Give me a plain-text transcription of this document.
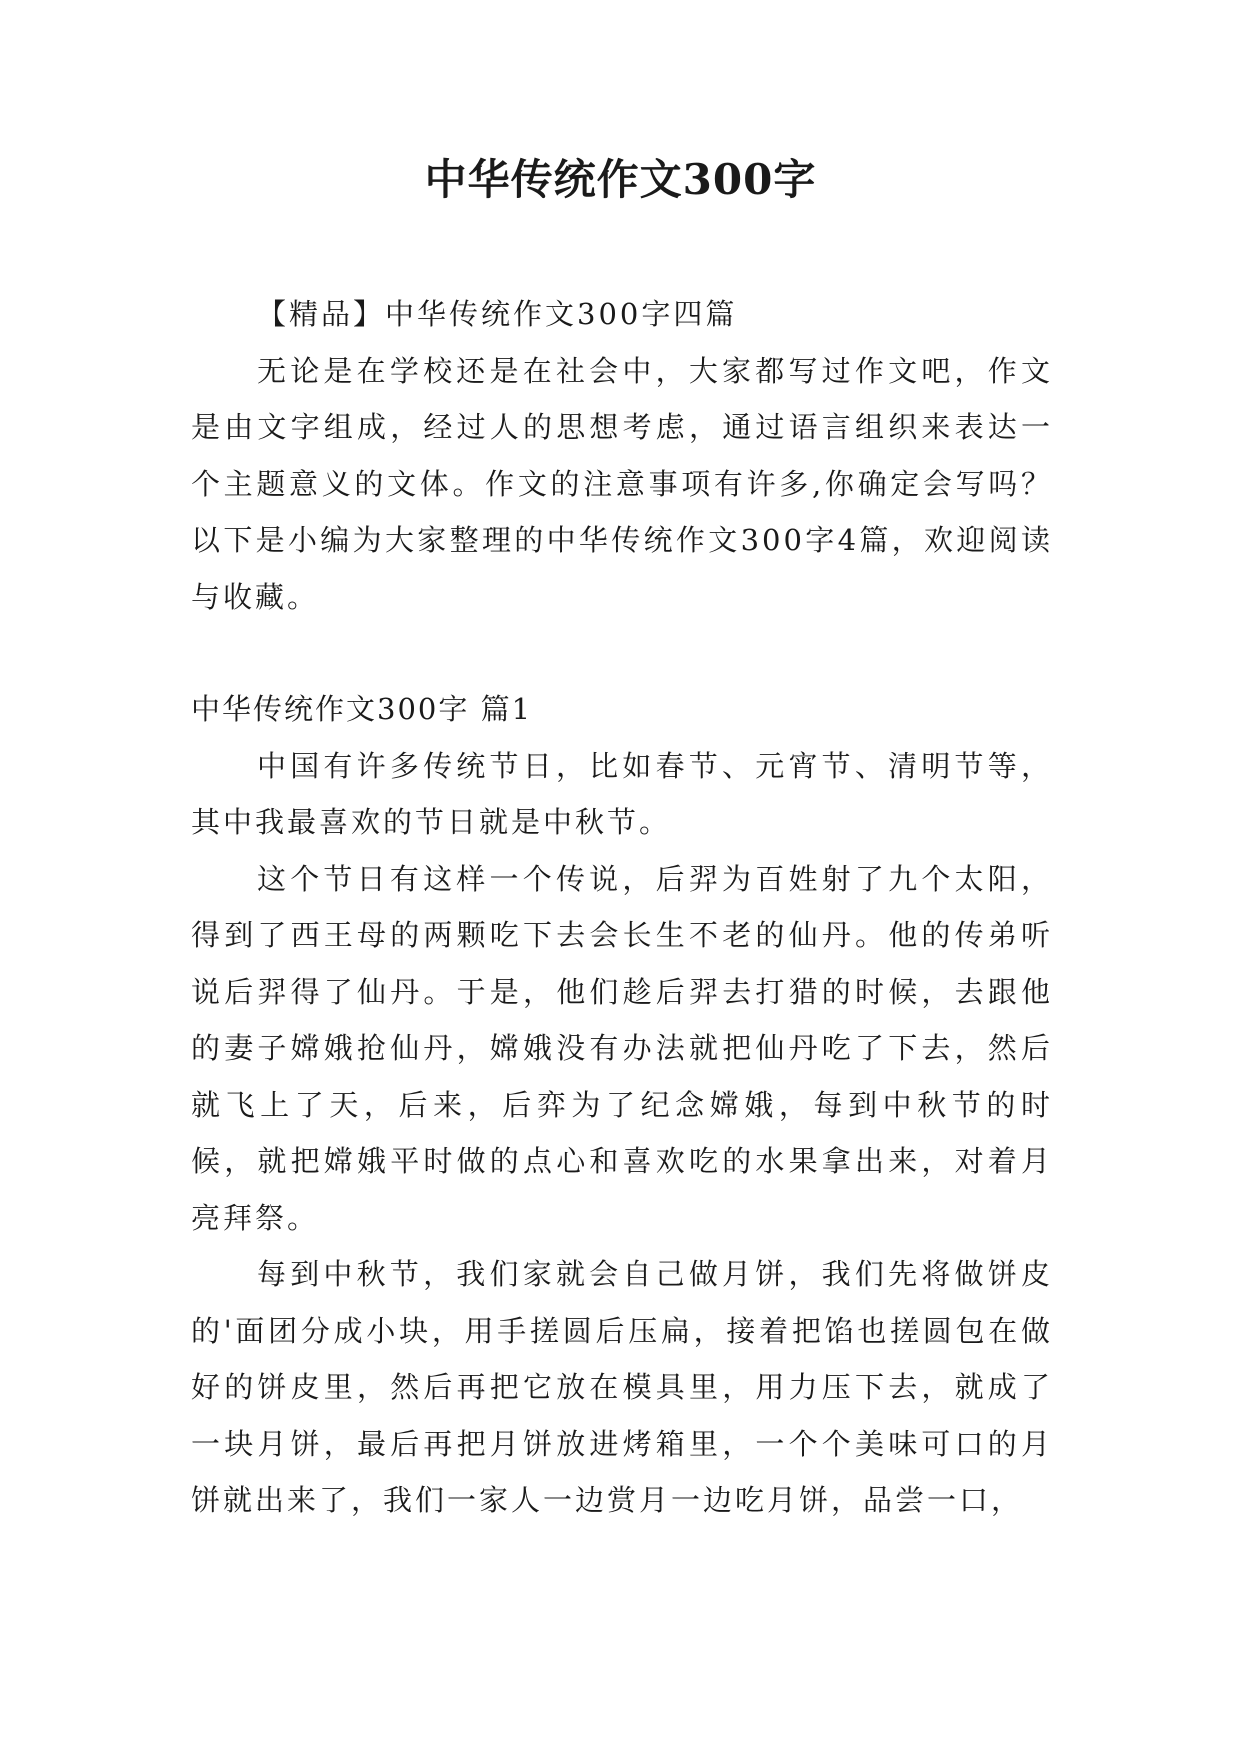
中华传统作文300字

【精品】中华传统作文300字四篇

无论是在学校还是在社会中，大家都写过作文吧，作文是由文字组成，经过人的思想考虑，通过语言组织来表达一个主题意义的文体。作文的注意事项有许多,你确定会写吗？以下是小编为大家整理的中华传统作文300字4篇，欢迎阅读与收藏。

中华传统作文300字 篇1

中国有许多传统节日，比如春节、元宵节、清明节等，其中我最喜欢的节日就是中秋节。

这个节日有这样一个传说，后羿为百姓射了九个太阳，得到了西王母的两颗吃下去会长生不老的仙丹。他的传弟听说后羿得了仙丹。于是，他们趁后羿去打猎的时候，去跟他的妻子嫦娥抢仙丹，嫦娥没有办法就把仙丹吃了下去，然后就飞上了天，后来，后弈为了纪念嫦娥，每到中秋节的时候，就把嫦娥平时做的点心和喜欢吃的水果拿出来，对着月亮拜祭。

每到中秋节，我们家就会自己做月饼，我们先将做饼皮的'面团分成小块，用手搓圆后压扁，接着把馅也搓圆包在做好的饼皮里，然后再把它放在模具里，用力压下去，就成了一块月饼，最后再把月饼放进烤箱里，一个个美味可口的月饼就出来了，我们一家人一边赏月一边吃月饼，品尝一口，
